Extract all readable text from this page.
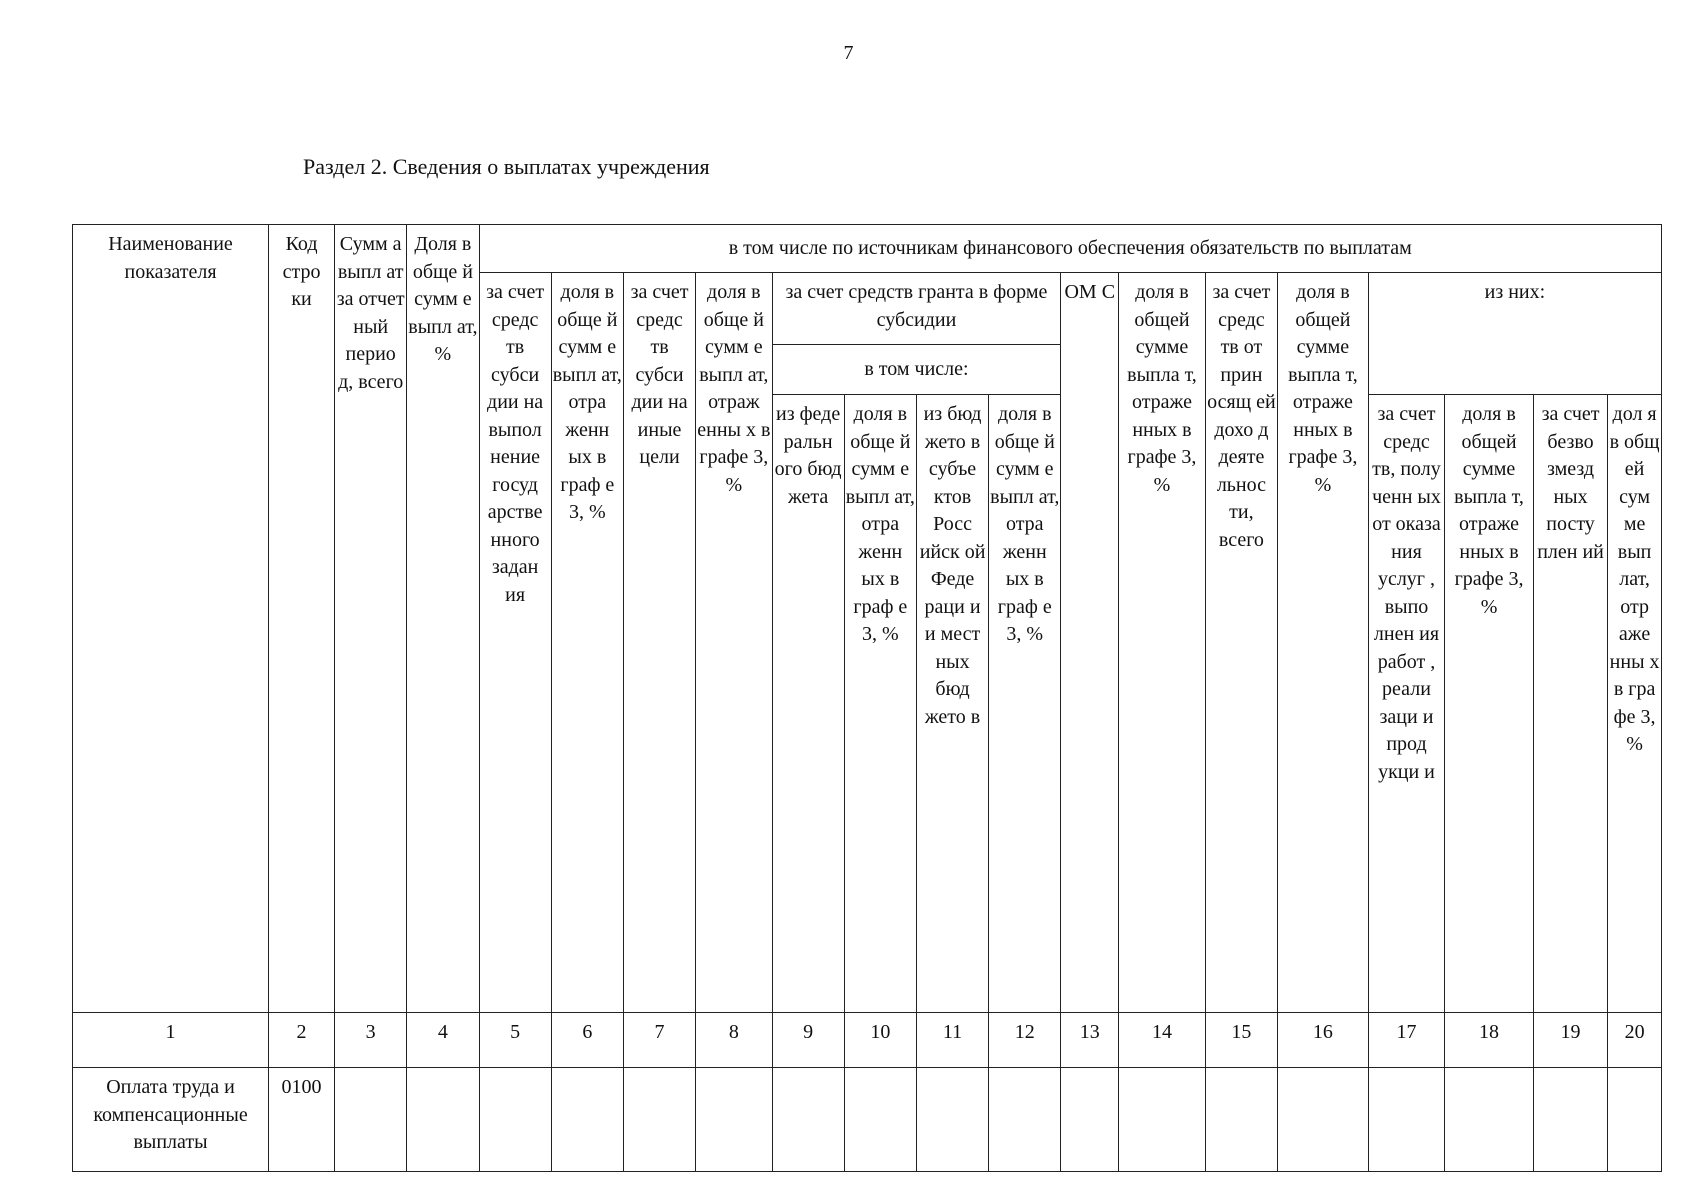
7
Раздел 2. Сведения о выплатах учреждения
Наименование показателя	Код стро ки	Сумм а выпл ат за отчет ный перио д, всего	Доля в обще й сумм е выпл ат, %	в том числе по источникам финансового обеспечения обязательств по выплатам															
				за счет средс тв субси дии на выпол нение госуд арстве нного задан ия	доля в обще й сумм е выпл ат, отра женн ых в граф е 3, %	за счет средс тв субси дии на иные цели	доля в обще й сумм е выпл ат, отраж енны х в графе 3, %	за счет средств гранта в форме субсидии				ОМ С	доля в общей сумме выпла т, отраже нных в графе 3, %	за счет средс тв от прин осящ ей дохо д деяте льнос ти, всего	доля в общей сумме выпла т, отраже нных в графе 3, %	из них:			
								в том числе:											
								из феде ральн ого бюд жета	доля в обще й сумм е выпл ат, отра женн ых в граф е 3, %	из бюд жето в субъе ктов Росс ийск ой Феде раци и и мест ных бюд жето в	доля в обще й сумм е выпл ат, отра женн ых в граф е 3, %					за счет средс тв, полу ченн ых от оказа ния услуг , выпо лнен ия работ , реали заци и прод укци и	доля в общей сумме выпла т, отраже нных в графе 3, %	за счет безво змезд ных посту плен ий	дол я в общ ей сум ме вып лат, отр аже нны х в гра фе 3, %
1	2	3	4	5	6	7	8	9	10	11	12	13	14	15	16	17	18	19	20
Оплата труда и компенсационные выплаты	0100																		
